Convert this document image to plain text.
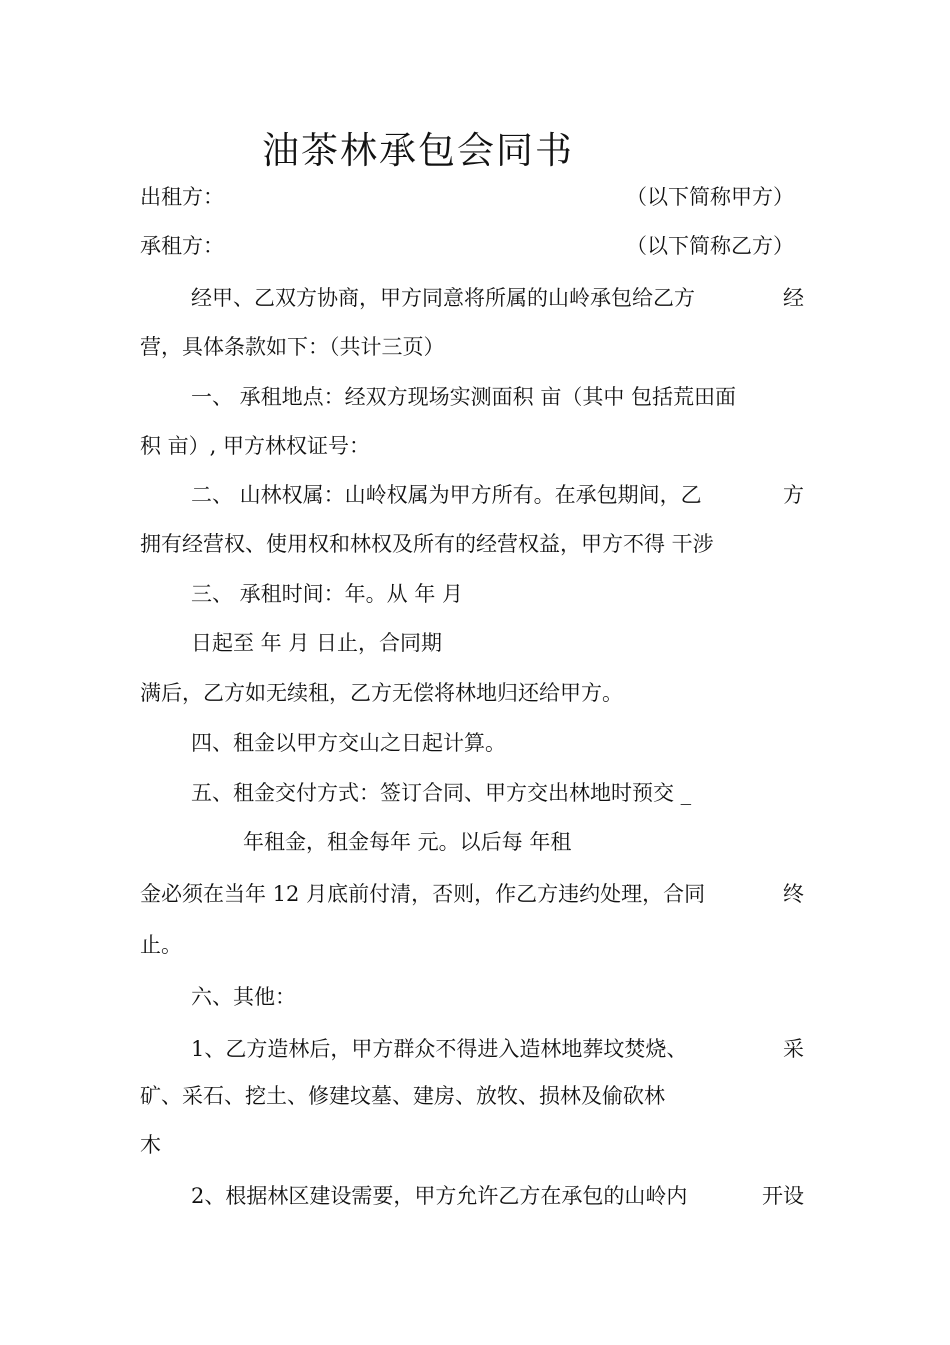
油茶林承包会同书
出租方：	（以下简称甲方）
承租方：	（以下简称乙方）
经甲、乙双方协商，甲方同意将所属的山岭承包给乙方	经
营，具体条款如下：（共计三页）
一、 承租地点：经双方现场实测面积 亩（其中 包括荒田面
积 亩）, 甲方林权证号：
二、 山林权属：山岭权属为甲方所有。在承包期间，乙	方
拥有经营权、使用权和林权及所有的经营权益，甲方不得 干涉
三、 承租时间：年。从 年 月
日起至 年 月 日止，合同期
满后，乙方如无续租，乙方无偿将林地归还给甲方。
四、租金以甲方交山之日起计算。
五、租金交付方式：签订合同、甲方交出林地时预交 _
年租金，租金每年 元。以后每 年租
金必须在当年 12 月底前付清，否则，作乙方违约处理，合同	终
止。
六、其他：
1、乙方造林后，甲方群众不得进入造林地葬坟焚烧、	采
矿、采石、挖土、修建坟墓、建房、放牧、损林及偷砍林
木
2、根据林区建设需要，甲方允许乙方在承包的山岭内	开设
